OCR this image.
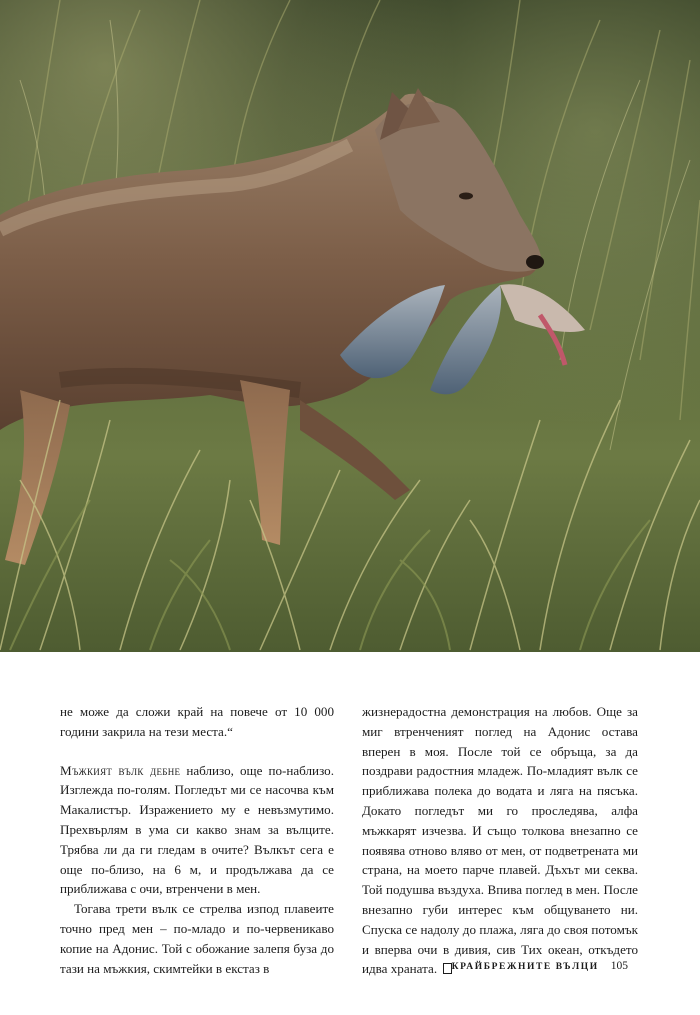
не може да сложи край на повече от 10 000 години закрила на тези места.“

Мъжкият вълк дебне наблизо, още по-наблизо. Изглежда по-голям. Погледът ми се насочва към Макалистър. Изражението му е невъзмутимо. Прехвърлям в ума си какво знам за вълците. Трябва ли да ги гледам в очите? Вълкът сега е още по-близо, на 6 м, и продължава да се приближава с очи, втренчени в мен.

Тогава трети вълк се стрелва изпод плавеите точно пред мен – по-младо и по-червеникаво копие на Адонис. Той с обожание залепя буза до тази на мъжкия, скимтейки в екстаз в

жизнерадостна демонстрация на любов. Още за миг втренченият поглед на Адонис остава вперен в моя. После той се обръща, за да поздрави радостния младеж. По-младият вълк се приближава полека до водата и ляга на пясъка. Докато погледът ми го проследява, алфа мъжкарят изчезва. И също толкова внезапно се появява отново вляво от мен, от подветрената ми страна, на моето парче плавей. Дъхът ми секва. Той подушва въздуха. Впива поглед в мен. После внезапно губи интерес към общуването ни. Спуска се надолу до плажа, ляга до своя потомък и вперва очи в дивия, сив Тих океан, откъдето идва храната.	КРАЙБРЕЖНИТЕ ВЪЛЦИ 105
